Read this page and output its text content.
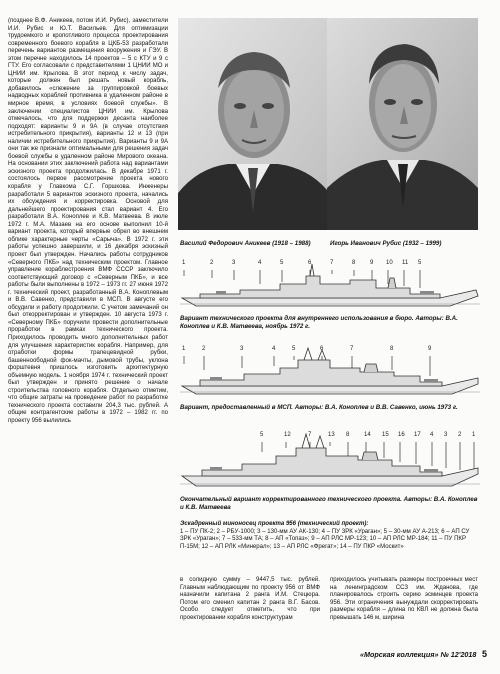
(позднее В.Ф. Аникеев, потом И.И. Рубис), заместители И.И. Рубис и Ю.Т. Васильев. Для оптимизации трудоемкого и кропотливого процесса проектирования современного боевого корабля в ЦКБ-53 разработали перечень вариантов размещения вооружения и ГЭУ. В этом перечне находилось 14 проектов – 5 с КТУ и 9 с ГТУ. Его согласовали с представителями 1 ЦНИИ МО и ЦНИИ им. Крылова. В этот период к числу задач, которые должен был решать новый корабль, добавилось «слежение за группировкой боевых надводных кораблей противника в удаленном районе в мирное время, в условиях боевой службы». В заключении специалистов ЦНИИ им. Крылова отмечалось, что для поддержки десанта наиболее подходят: варианты 9 и 9А (в случае отсутствия истребительного прикрытия), варианты 12 и 13 (при наличии истребительного прикрытия). Варианты 9 и 9А они так же признали оптимальными для решения задач боевой службы в удаленном районе Мирового океана. На основании этих заключений работа над вариантами эскизного проекта продолжилась. В декабре 1971 г. состоялось первое рассмотрение проекта нового корабля у Главкома С.Г. Горшкова. Инженеры разработали 5 вариантов эскизного проекта, начались их обсуждения и корректировка. Основой для дальнейшего проектирования стал вариант 4. Его разработали В.А. Коноплев и К.В. Матвеева. В июле 1972 г. М.А. Мазаев на его основе выполнил 10-й вариант проекта, который впервые обрел во внешнем облике характерные черты «Сарыча». В 1972 г. эти работы успешно завершили, и 16 декабря эскизный проект был утвержден. Начались работы сотрудников «Северного ПКБ» над техническим проектом. Главное управление кораблестроения ВМФ СССР заключило соответствующий договор с «Северным ПКБ», и все работы были выполнены в 1972 – 1973 гг. 27 июня 1972 г. технический проект, разработанный В.А. Коноплевым и В.В. Савенко, представили в МСП. В августе его обсудили и работу продолжили. С учетом замечаний он был откорректирован и утвержден. 10 августа 1973 г. «Северному ПКБ» поручили провести дополнительные проработки в рамках технического проекта. Приходилось проводить много дополнительных работ для улучшения характеристик корабля. Например, для отработки формы трапецевидной рубки, башенноободной фок-мачты, дымовой трубы, уклона форштевня пришлось изготовить архитектурную объемную модель. 1 ноября 1974 г. технический проект был утвержден и принято решение о начале строительства головного корабля. Отдельно отметим, что общие затраты на проведение работ по разработке технического проекта составили 204,3 тыс. рублей. А общие контрагентские работы в 1972 – 1982 гг. по проекту 956 вылились

Василий Федорович Аникеев (1918 – 1988)	Игорь Иванович Рубис (1932 – 1999)
1	2	3	4	5	6	7	8 9 10 11 5
Вариант технического проекта для внутреннего использования в бюро. Авторы: В.А. Коноплев и К.В. Матвеева, ноябрь 1972 г.
1	2	3	4	5	6	7	8	9
Вариант, предоставленный в МСП. Авторы: В.А. Коноплев и В.В. Савенко, июнь 1973 г.
5	12	7	13 8 14 15 16 17 4 3 2 1
Окончательный вариант корректированного технического проекта. Авторы: В.А. Коноплев и К.В. Матвеева
Эскадренный миноносец проекта 956 (технический проект):
1 – ПУ ПК-2; 2 – РБУ-1000; 3 – 130-мм АУ АК-130; 4 – ПУ ЗРК «Ураган»; 5 – 30-мм АУ А-213; 6 – АП СУ ЗРК «Ураган»; 7 – 533-мм ТА; 8 – АП «Топаз»; 9 – АП РЛС МР-123; 10 – АП РЛС МР-184; 11 – ПУ ПКР П-15М; 12 – АП РЛК «Минерал»; 13 – АП РЛС «Фрегат»; 14 – ПУ ПКР «Москит»

в солидную сумму – 9447,5 тыс. рублей. Главным наблюдающим по проекту 956 от ВМФ назначили капитана 2 ранга И.М. Стецюра. Потом его сменил капитан 2 ранга В.Г. Басов. Особо следует отметить, что при проектировании корабля конструктурам

приходилось учитывать размеры построечных мест на ленинградском ССЗ им. Жданова, где планировалось строить серию эсминцев проекта 956. Эти ограничения вынуждали скорректировать размеры корабля – длина по КВЛ не должна была превышать 146 м, ширина

«Морская коллекция» № 12'2018 5
